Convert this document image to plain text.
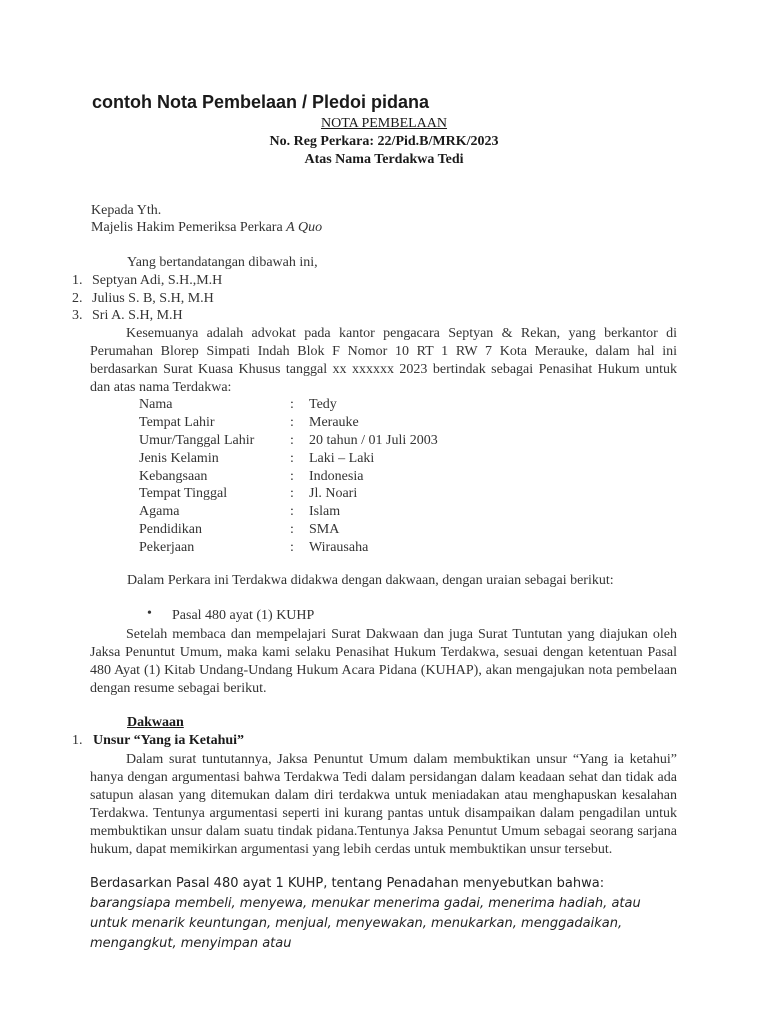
contoh Nota Pembelaan / Pledoi pidana
NOTA PEMBELAAN
No. Reg Perkara: 22/Pid.B/MRK/2023
Atas Nama Terdakwa Tedi
Kepada Yth.
Majelis Hakim Pemeriksa Perkara A Quo
Yang bertandatangan dibawah ini,
1. Septyan Adi, S.H.,M.H
2. Julius S. B, S.H, M.H
3. Sri A. S.H, M.H
Kesemuanya adalah advokat pada kantor pengacara Septyan & Rekan, yang berkantor di Perumahan Blorep Simpati Indah Blok F Nomor 10 RT 1 RW 7 Kota Merauke, dalam hal ini berdasarkan Surat Kuasa Khusus tanggal xx xxxxxx 2023 bertindak sebagai Penasihat Hukum untuk dan atas nama Terdakwa:
Nama	: Tedy
Tempat Lahir	: Merauke
Umur/Tanggal Lahir	: 20 tahun / 01 Juli 2003
Jenis Kelamin	: Laki – Laki
Kebangsaan	: Indonesia
Tempat Tinggal	: Jl. Noari
Agama	: Islam
Pendidikan	: SMA
Pekerjaan	: Wirausaha
Dalam Perkara ini Terdakwa didakwa dengan dakwaan, dengan uraian sebagai berikut:
• Pasal 480 ayat (1) KUHP
Setelah membaca dan mempelajari Surat Dakwaan dan juga Surat Tuntutan yang diajukan oleh Jaksa Penuntut Umum, maka kami selaku Penasihat Hukum Terdakwa, sesuai dengan ketentuan Pasal 480 Ayat (1) Kitab Undang-Undang Hukum Acara Pidana (KUHAP), akan mengajukan nota pembelaan dengan resume sebagai berikut.
Dakwaan
1. Unsur “Yang ia Ketahui”
Dalam surat tuntutannya, Jaksa Penuntut Umum dalam membuktikan unsur “Yang ia ketahui” hanya dengan argumentasi bahwa Terdakwa Tedi dalam persidangan dalam keadaan sehat dan tidak ada satupun alasan yang ditemukan dalam diri terdakwa untuk meniadakan atau menghapuskan kesalahan Terdakwa. Tentunya argumentasi seperti ini kurang pantas untuk disampaikan dalam pengadilan untuk membuktikan unsur dalam suatu tindak pidana.Tentunya Jaksa Penuntut Umum sebagai seorang sarjana hukum, dapat memikirkan argumentasi yang lebih cerdas untuk membuktikan unsur tersebut.
Berdasarkan Pasal 480 ayat 1 KUHP, tentang Penadahan menyebutkan bahwa: barangsiapa membeli, menyewa, menukar menerima gadai, menerima hadiah, atau untuk menarik keuntungan, menjual, menyewakan, menukarkan, menggadaikan, mengangkut, menyimpan atau
